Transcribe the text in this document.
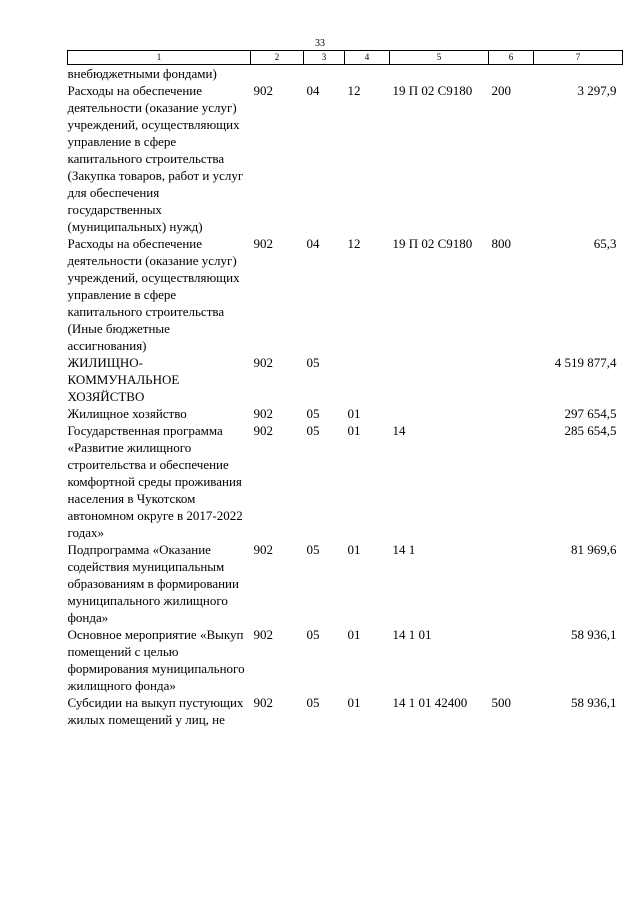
33
1	2	3	4	5	6	7
внебюджетными фондами)						
Расходы на обеспечение деятельности (оказание услуг) учреждений, осуществляющих управление в сфере капитального строительства (Закупка товаров, работ и услуг для обеспечения государственных (муниципальных) нужд)	902	04	12	19 П 02 С9180	200	3 297,9
Расходы на обеспечение деятельности (оказание услуг) учреждений, осуществляющих управление в сфере капитального строительства (Иные бюджетные ассигнования)	902	04	12	19 П 02 С9180	800	65,3
ЖИЛИЩНО-КОММУНАЛЬНОЕ ХОЗЯЙСТВО	902	05				4 519 877,4
Жилищное хозяйство	902	05	01			297 654,5
Государственная программа «Развитие жилищного строительства и обеспечение комфортной среды проживания населения в Чукотском автономном округе в 2017-2022 годах»	902	05	01	14		285 654,5
Подпрограмма «Оказание содействия муниципальным образованиям в формировании муниципального жилищного фонда»	902	05	01	14 1		81 969,6
Основное мероприятие «Выкуп помещений с целью формирования муниципального жилищного фонда»	902	05	01	14 1 01		58 936,1
Субсидии на выкуп пустующих жилых помещений у лиц, не	902	05	01	14 1 01 42400	500	58 936,1
